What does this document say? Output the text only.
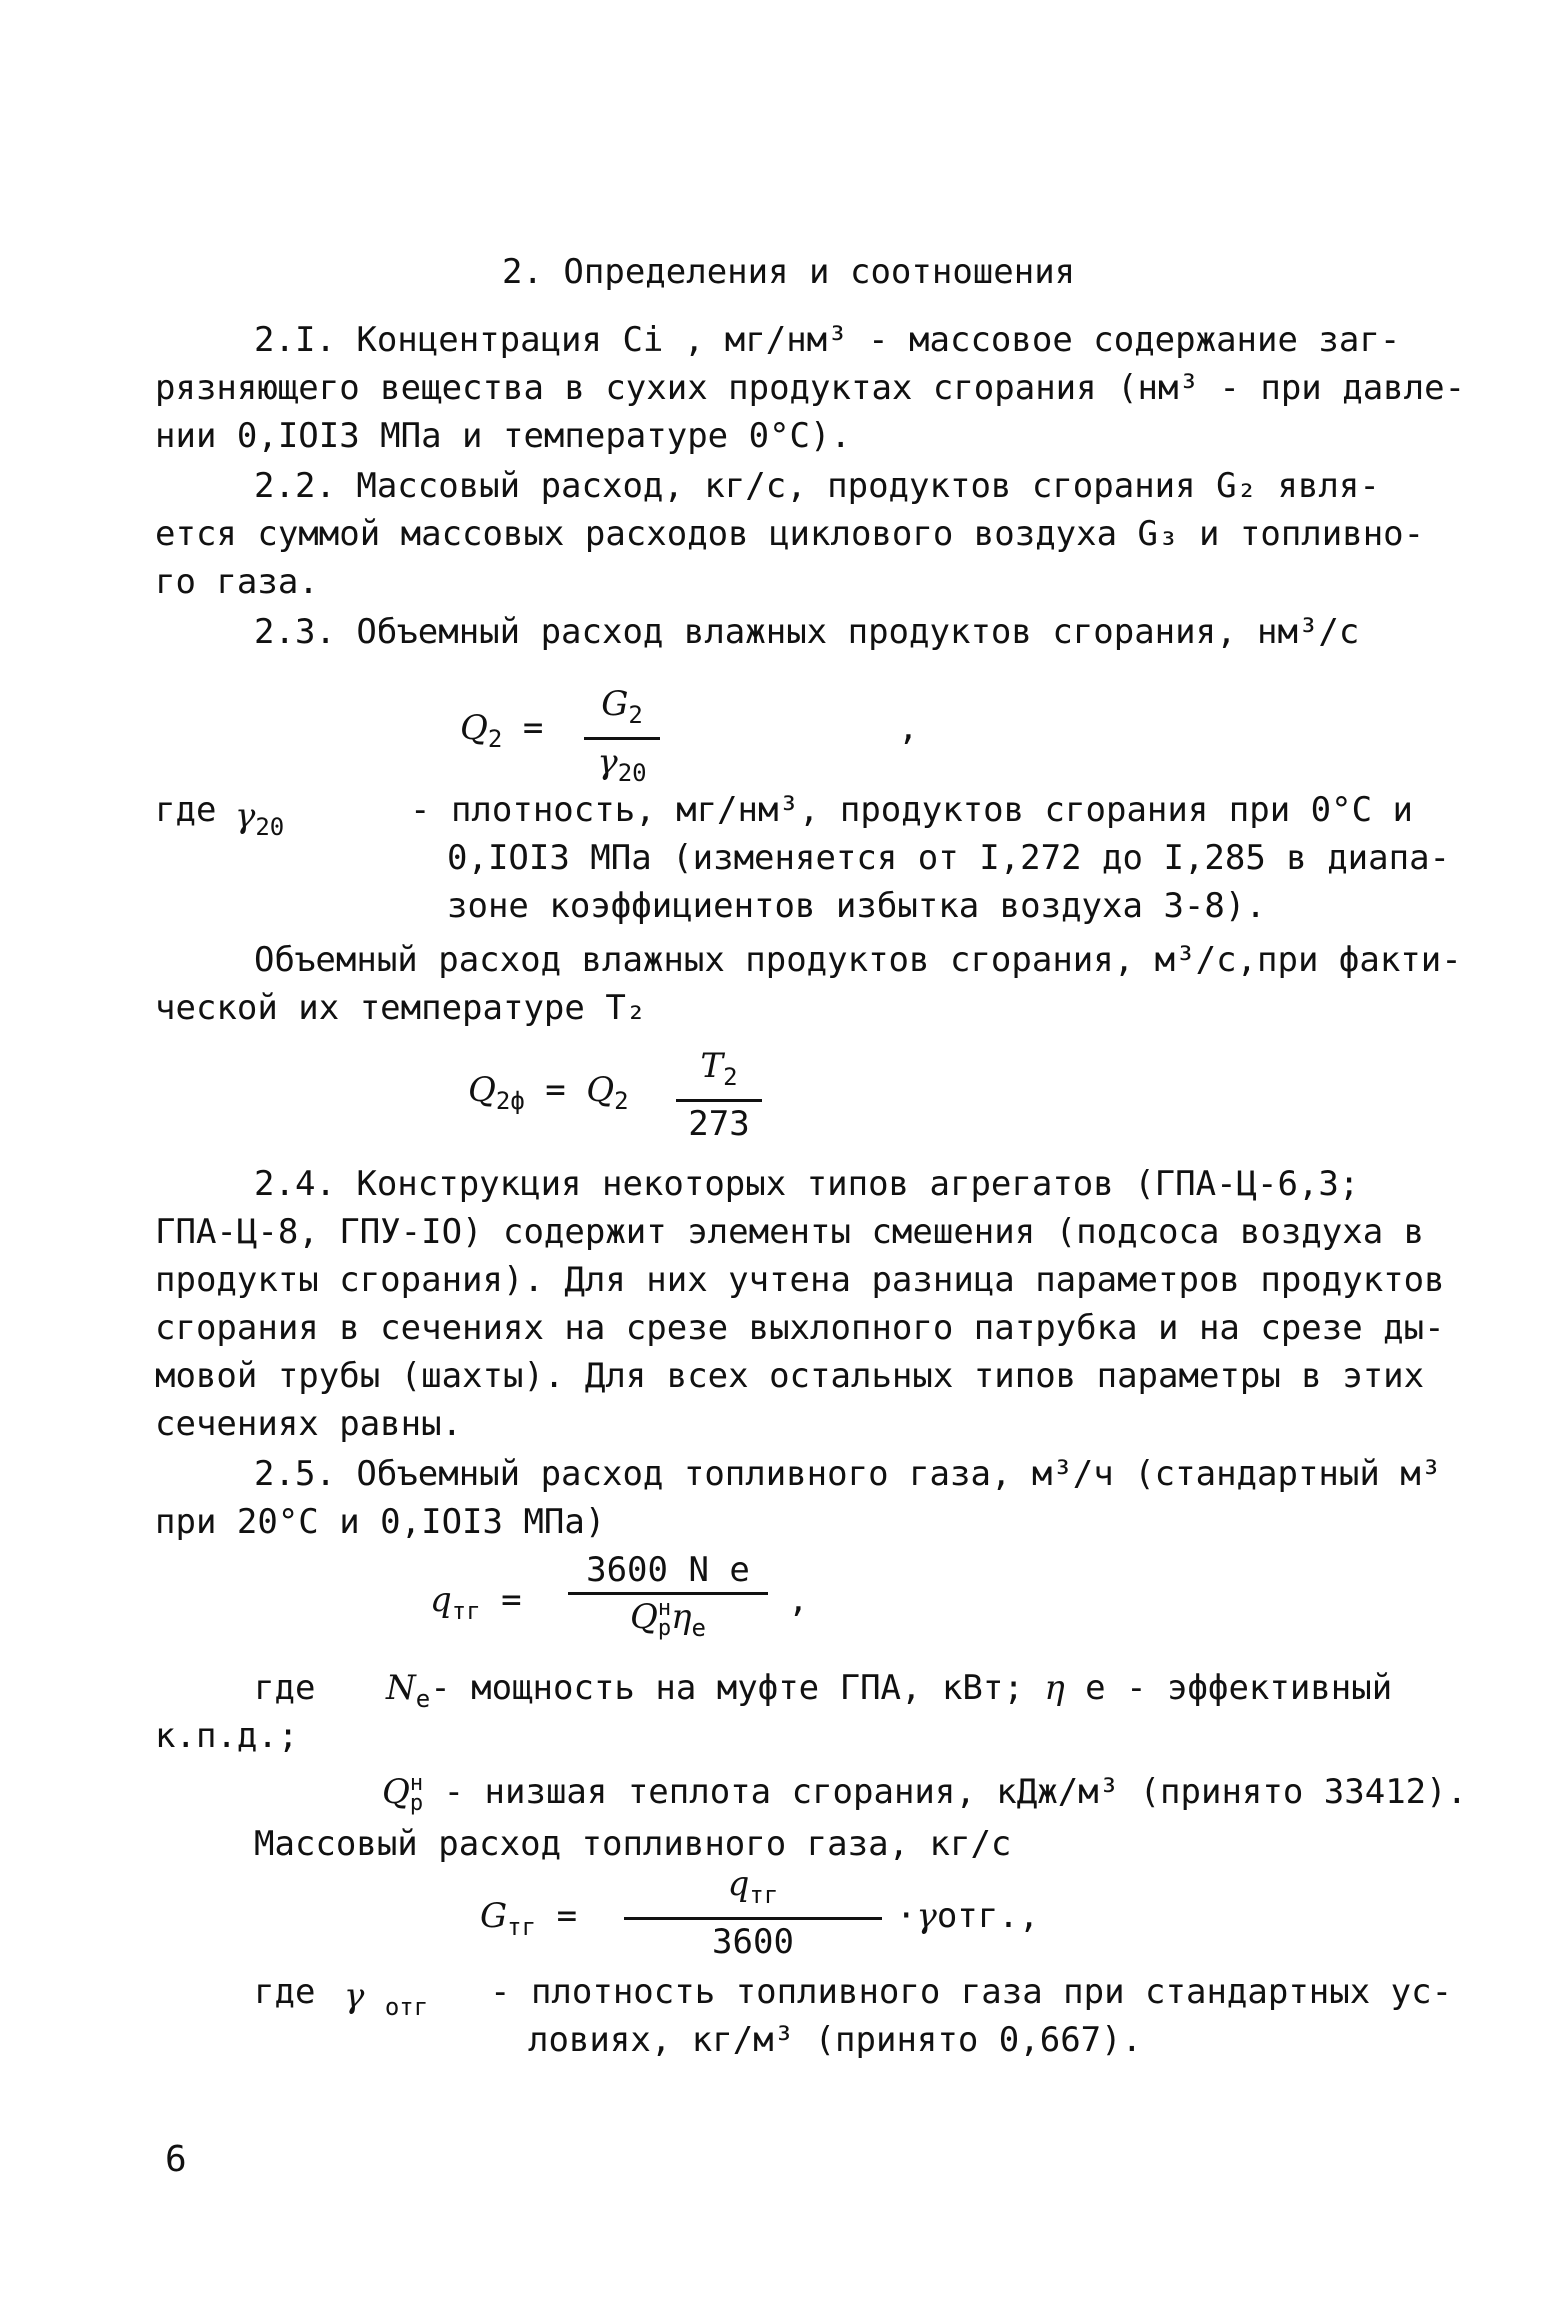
2. Определения и соотношения
2.I. Концентрация Сi , мг/нм³ - массовое содержание заг-
рязняющего вещества в сухих продуктах сгорания (нм³ - при давле-
нии 0,IOI3 МПа и температуре 0°С).
2.2. Массовый расход, кг/с, продуктов сгорания G₂ явля-
ется суммой массовых расходов циклового воздуха G₃ и топливно-
го газа.
2.3. Объемный расход влажных продуктов сгорания, нм³/с
$Q_2$ =
$G_2$
$\gamma_{20}$
,
где $\gamma_{20}$	- плотность, мг/нм³, продуктов сгорания при 0°С и
0,IOI3 МПа (изменяется от I,272 до I,285 в диапа-
зоне коэффициентов избытка воздуха 3-8).
Объемный расход влажных продуктов сгорания, м³/с,при факти-
ческой их температуре Т₂
$Q_{2ф} = Q_2$
$T_2$
273
2.4. Конструкция некоторых типов агрегатов (ГПА-Ц-6,3;
ГПА-Ц-8, ГПУ-IO) содержит элементы смешения (подсоса воздуха в
продукты сгорания). Для них учтена разница параметров продуктов
сгорания в сечениях на срезе выхлопного патрубка и на срезе ды-
мовой трубы (шахты). Для всех остальных типов параметры в этих
сечениях равны.
2.5. Объемный расход топливного газа, м³/ч (стандартный м³
при 20°С и 0,IOI3 МПа)
$q_{тг}$ =
3600 N e
Q н
р $\eta_e$
,
где $N_e-$ мощность на муфте ГПА, кВт; η е - эффективный
к.п.д.;
Q н
р - низшая теплота сгорания, кДж/м³ (принято 33412).
Массовый расход топливного газа, кг/с
$G_{тг}$ =
$q_{тг}$
3600
·γотг.,
где γ $_{отг}$ - плотность топливного газа при стандартных ус-
ловиях, кг/м³ (принято 0,667).
6
